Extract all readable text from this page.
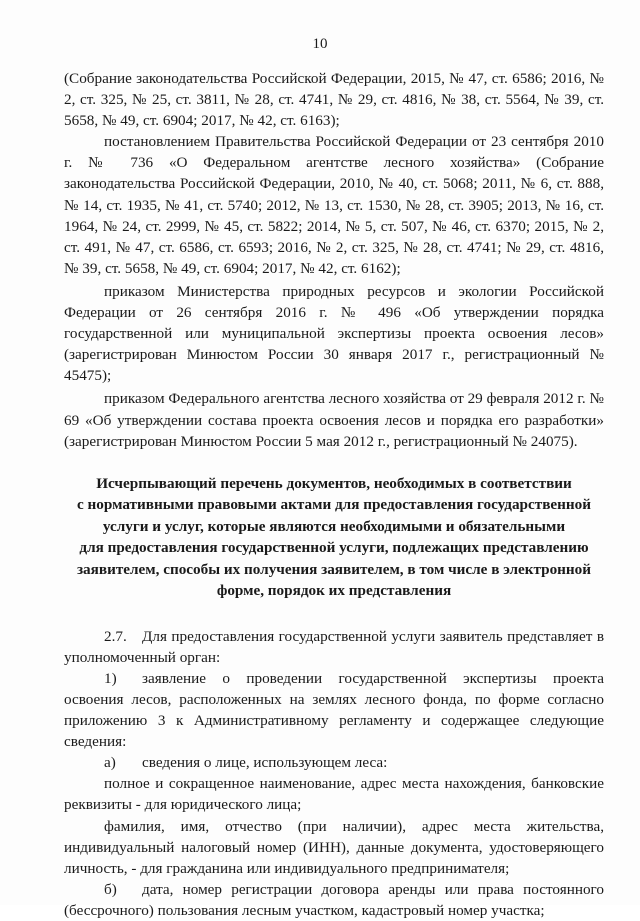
10

(Собрание законодательства Российской Федерации, 2015, № 47, ст. 6586; 2016, № 2, ст. 325, № 25, ст. 3811, № 28, ст. 4741, № 29, ст. 4816, № 38, ст. 5564, № 39, ст. 5658, № 49, ст. 6904; 2017, № 42, ст. 6163);

постановлением Правительства Российской Федерации от 23 сентября 2010 г. № 736 «О Федеральном агентстве лесного хозяйства» (Собрание законодательства Российской Федерации, 2010, № 40, ст. 5068; 2011, № 6, ст. 888, № 14, ст. 1935, № 41, ст. 5740; 2012, № 13, ст. 1530, № 28, ст. 3905; 2013, № 16, ст. 1964, № 24, ст. 2999, № 45, ст. 5822; 2014, № 5, ст. 507, № 46, ст. 6370; 2015, № 2, ст. 491, № 47, ст. 6586, ст. 6593; 2016, № 2, ст. 325, № 28, ст. 4741; № 29, ст. 4816, № 39, ст. 5658, № 49, ст. 6904; 2017, № 42, ст. 6162);

приказом Министерства природных ресурсов и экологии Российской Федерации от 26 сентября 2016 г. № 496 «Об утверждении порядка государственной или муниципальной экспертизы проекта освоения лесов» (зарегистрирован Минюстом России 30 января 2017 г., регистрационный № 45475);

приказом Федерального агентства лесного хозяйства от 29 февраля 2012 г. № 69 «Об утверждении состава проекта освоения лесов и порядка его разработки» (зарегистрирован Минюстом России 5 мая 2012 г., регистрационный № 24075).

Исчерпывающий перечень документов, необходимых в соответствии
с нормативными правовыми актами для предоставления государственной
услуги и услуг, которые являются необходимыми и обязательными
для предоставления государственной услуги, подлежащих представлению
заявителем, способы их получения заявителем, в том числе в электронной
форме, порядок их представления

2.7. Для предоставления государственной услуги заявитель представляет в уполномоченный орган:

1) заявление о проведении государственной экспертизы проекта освоения лесов, расположенных на землях лесного фонда, по форме согласно приложению 3 к Административному регламенту и содержащее следующие сведения:

а) сведения о лице, использующем леса:

полное и сокращенное наименование, адрес места нахождения, банковские реквизиты - для юридического лица;

фамилия, имя, отчество (при наличии), адрес места жительства, индивидуальный налоговый номер (ИНН), данные документа, удостоверяющего личность, - для гражданина или индивидуального предпринимателя;

б) дата, номер регистрации договора аренды или права постоянного (бессрочного) пользования лесным участком, кадастровый номер участка;
